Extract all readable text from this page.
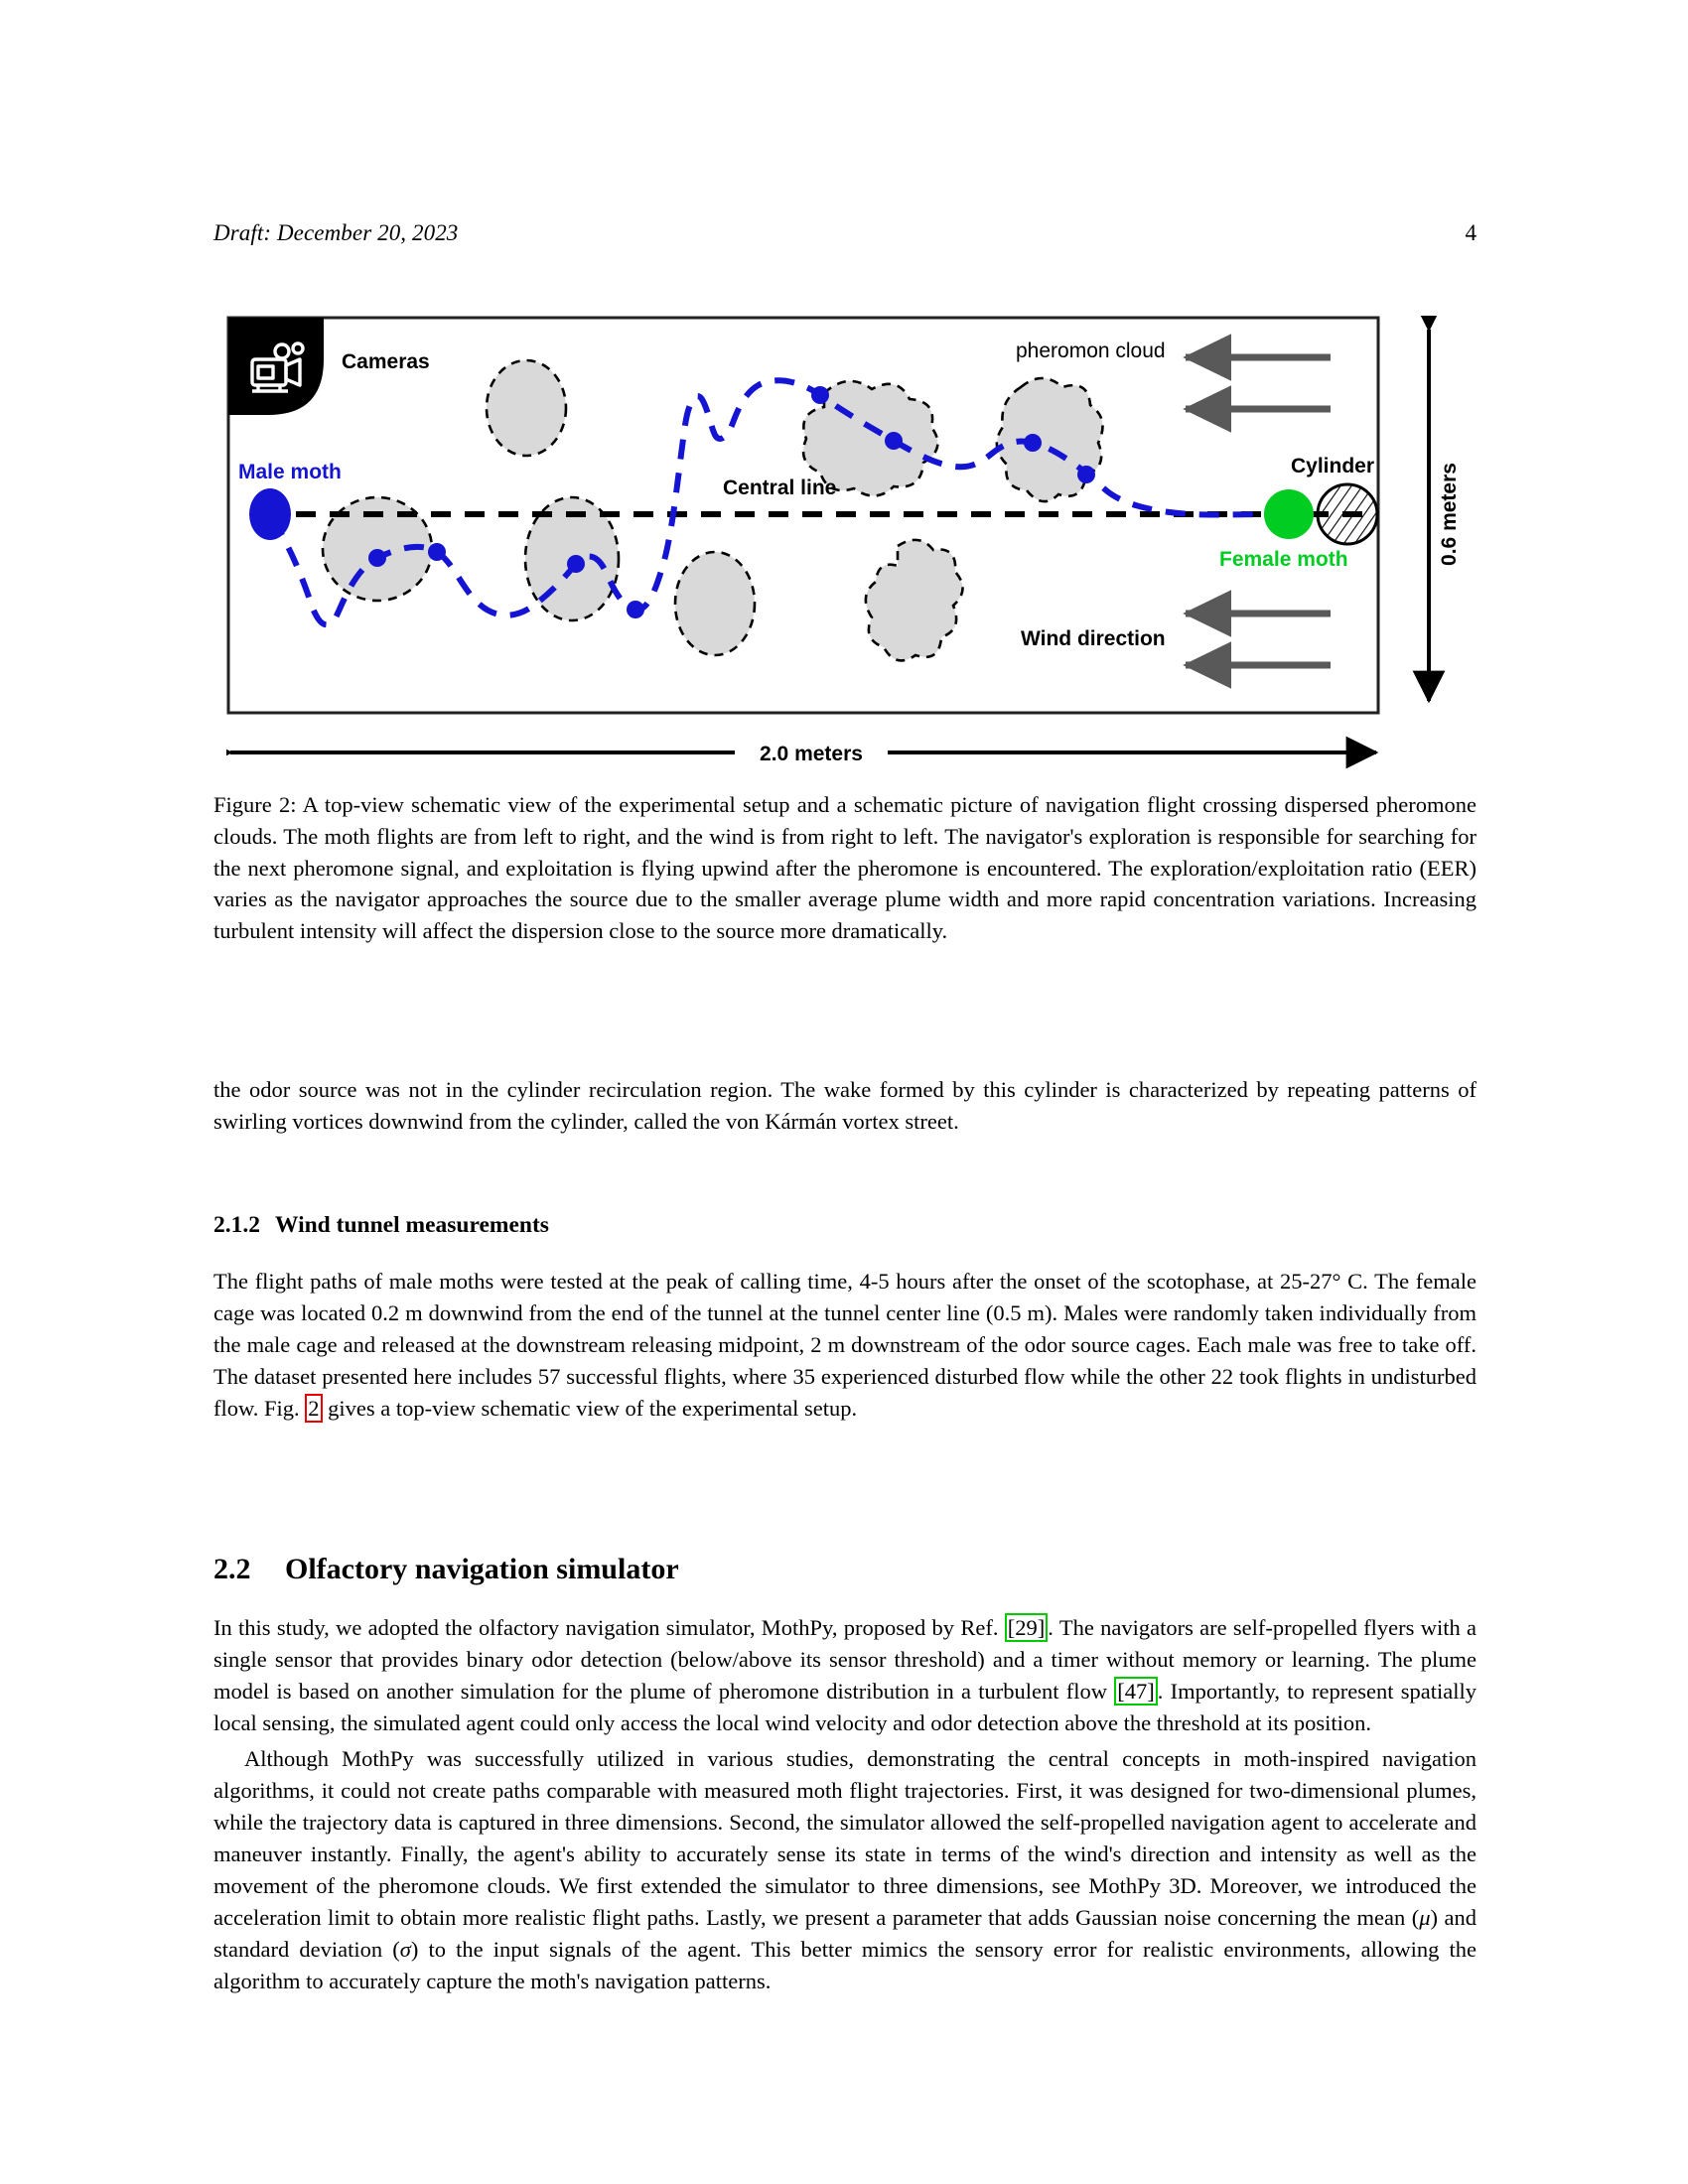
Draft: December 20, 2023	4
Cameras
Central line
Male moth
Female moth
Cylinder
pheromon cloud
Wind direction
0.6 meters
2.0 meters
Figure 2: A top-view schematic view of the experimental setup and a schematic picture of navigation flight crossing dispersed pheromone clouds. The moth flights are from left to right, and the wind is from right to left. The navigator's exploration is responsible for searching for the next pheromone signal, and exploitation is flying upwind after the pheromone is encountered. The exploration/exploitation ratio (EER) varies as the navigator approaches the source due to the smaller average plume width and more rapid concentration variations. Increasing turbulent intensity will affect the dispersion close to the source more dramatically.

the odor source was not in the cylinder recirculation region. The wake formed by this cylinder is characterized by repeating patterns of swirling vortices downwind from the cylinder, called the von Kármán vortex street.

2.1.2 Wind tunnel measurements

The flight paths of male moths were tested at the peak of calling time, 4-5 hours after the onset of the scotophase, at 25-27° C. The female cage was located 0.2 m downwind from the end of the tunnel at the tunnel center line (0.5 m). Males were randomly taken individually from the male cage and released at the downstream releasing midpoint, 2 m downstream of the odor source cages. Each male was free to take off. The dataset presented here includes 57 successful flights, where 35 experienced disturbed flow while the other 22 took flights in undisturbed flow. Fig. 2 gives a top-view schematic view of the experimental setup.

2.2 Olfactory navigation simulator

In this study, we adopted the olfactory navigation simulator, MothPy, proposed by Ref. [29] . The navigators are self-propelled flyers with a single sensor that provides binary odor detection (below/above its sensor threshold) and a timer without memory or learning. The plume model is based on another simulation for the plume of pheromone distribution in a turbulent flow [47] . Importantly, to represent spatially local sensing, the simulated agent could only access the local wind velocity and odor detection above the threshold at its position.

Although MothPy was successfully utilized in various studies, demonstrating the central concepts in moth-inspired navigation algorithms, it could not create paths comparable with measured moth flight trajectories. First, it was designed for two-dimensional plumes, while the trajectory data is captured in three dimensions. Second, the simulator allowed the self-propelled navigation agent to accelerate and maneuver instantly. Finally, the agent's ability to accurately sense its state in terms of the wind's direction and intensity as well as the movement of the pheromone clouds. We first extended the simulator to three dimensions, see MothPy 3D. Moreover, we introduced the acceleration limit to obtain more realistic flight paths. Lastly, we present a parameter that adds Gaussian noise concerning the mean (μ) and standard deviation (σ) to the input signals of the agent. This better mimics the sensory error for realistic environments, allowing the algorithm to accurately capture the moth's navigation patterns.
